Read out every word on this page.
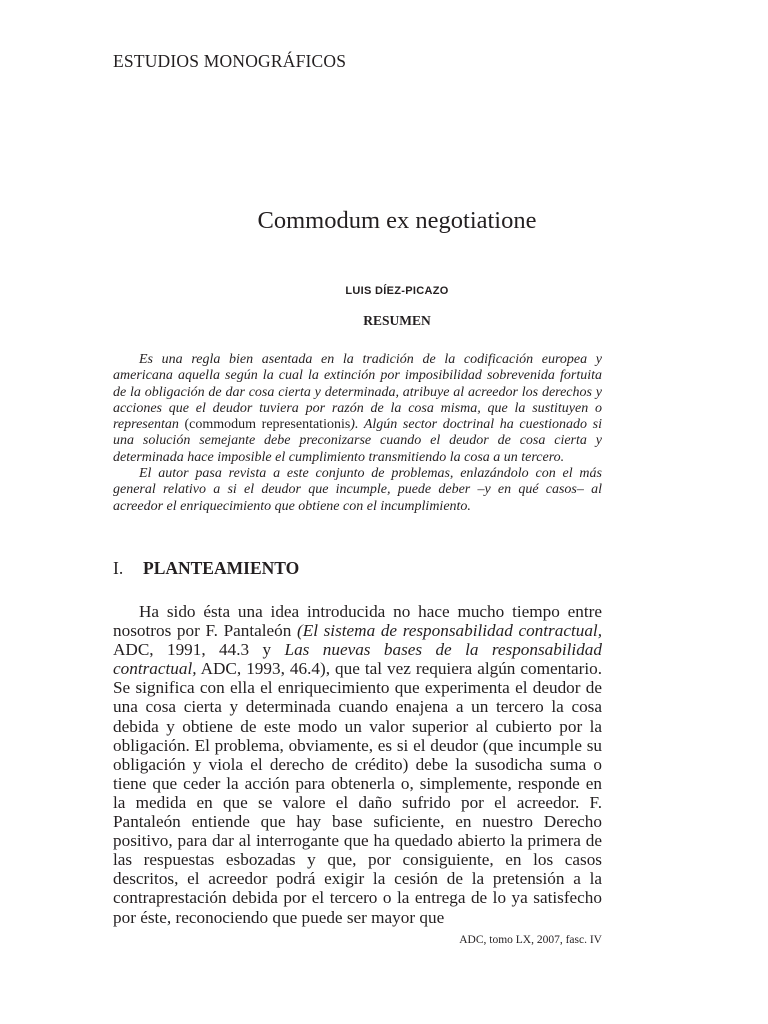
ESTUDIOS MONOGRÁFICOS
Commodum ex negotiatione
LUIS DÍEZ-PICAZO
RESUMEN

Es una regla bien asentada en la tradición de la codificación europea y americana aquella según la cual la extinción por imposibilidad sobrevenida fortuita de la obligación de dar cosa cierta y determinada, atribuye al acreedor los derechos y acciones que el deudor tuviera por razón de la cosa misma, que la sustituyen o representan (commodum representationis). Algún sector doctrinal ha cuestionado si una solución semejante debe preconizarse cuando el deudor de cosa cierta y determinada hace imposible el cumplimiento transmitiendo la cosa a un tercero.

El autor pasa revista a este conjunto de problemas, enlazándolo con el más general relativo a si el deudor que incumple, puede deber –y en qué casos– al acreedor el enriquecimiento que obtiene con el incumplimiento.

I. PLANTEAMIENTO

Ha sido ésta una idea introducida no hace mucho tiempo entre nosotros por F. Pantaleón (El sistema de responsabilidad contractual, ADC, 1991, 44.3 y Las nuevas bases de la responsabilidad contractual, ADC, 1993, 46.4), que tal vez requiera algún comentario. Se significa con ella el enriquecimiento que experimenta el deudor de una cosa cierta y determinada cuando enajena a un tercero la cosa debida y obtiene de este modo un valor superior al cubierto por la obligación. El problema, obviamente, es si el deudor (que incumple su obligación y viola el derecho de crédito) debe la susodicha suma o tiene que ceder la acción para obtenerla o, simplemente, responde en la medida en que se valore el daño sufrido por el acreedor. F. Pantaleón entiende que hay base suficiente, en nuestro Derecho positivo, para dar al interrogante que ha quedado abierto la primera de las respuestas esbozadas y que, por consiguiente, en los casos descritos, el acreedor podrá exigir la cesión de la pretensión a la contraprestación debida por el tercero o la entrega de lo ya satisfecho por éste, reconociendo que puede ser mayor que

ADC, tomo LX, 2007, fasc. IV
